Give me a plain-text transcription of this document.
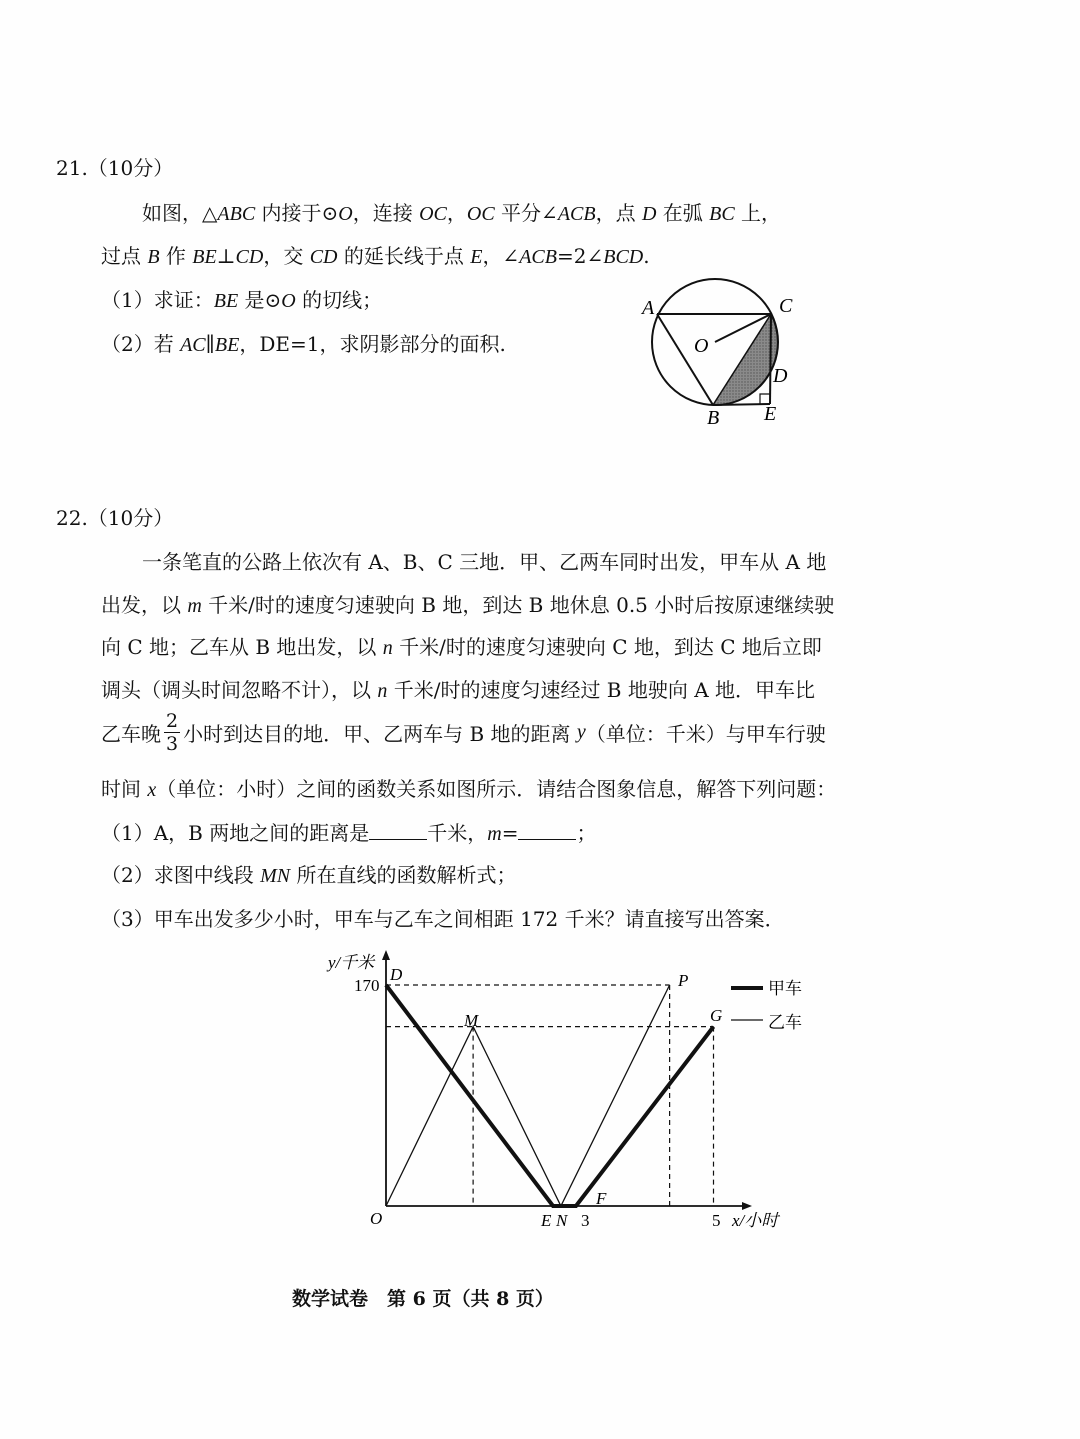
21.（10分）
如图，△ABC 内接于⊙O，连接 OC，OC 平分∠ACB，点 D 在弧 BC 上，
过点 B 作 BE⊥CD，交 CD 的延长线于点 E，∠ACB=2∠BCD.
（1）求证：BE 是⊙O 的切线；
（2）若 AC∥BE，DE=1，求阴影部分的面积.
A	C
O
D
B E
22.（10分）
一条笔直的公路上依次有 A、B、C 三地．甲、乙两车同时出发，甲车从 A 地
出发，以 m 千米/时的速度匀速驶向 B 地，到达 B 地休息 0.5 小时后按原速继续驶
向 C 地；乙车从 B 地出发，以 n 千米/时的速度匀速驶向 C 地，到达 C 地后立即
调头（调头时间忽略不计），以 n 千米/时的速度匀速经过 B 地驶向 A 地．甲车比
乙车晚 $\frac{2}{3}$ 小时到达目的地．甲、乙两车与 B 地的距离 y（单位：千米）与甲车行驶
时间 x（单位：小时）之间的函数关系如图所示．请结合图象信息，解答下列问题：
（1）A，B 两地之间的距离是	千米，m=	；
（2）求图中线段 MN 所在直线的函数解析式；
（3）甲车出发多少小时，甲车与乙车之间相距 172 千米？请直接写出答案．
y/千米
x/小时
O
170
3	5
D
M
P
G
E N
F
甲车
乙车
数学试卷　第 6 页（共 8 页）
